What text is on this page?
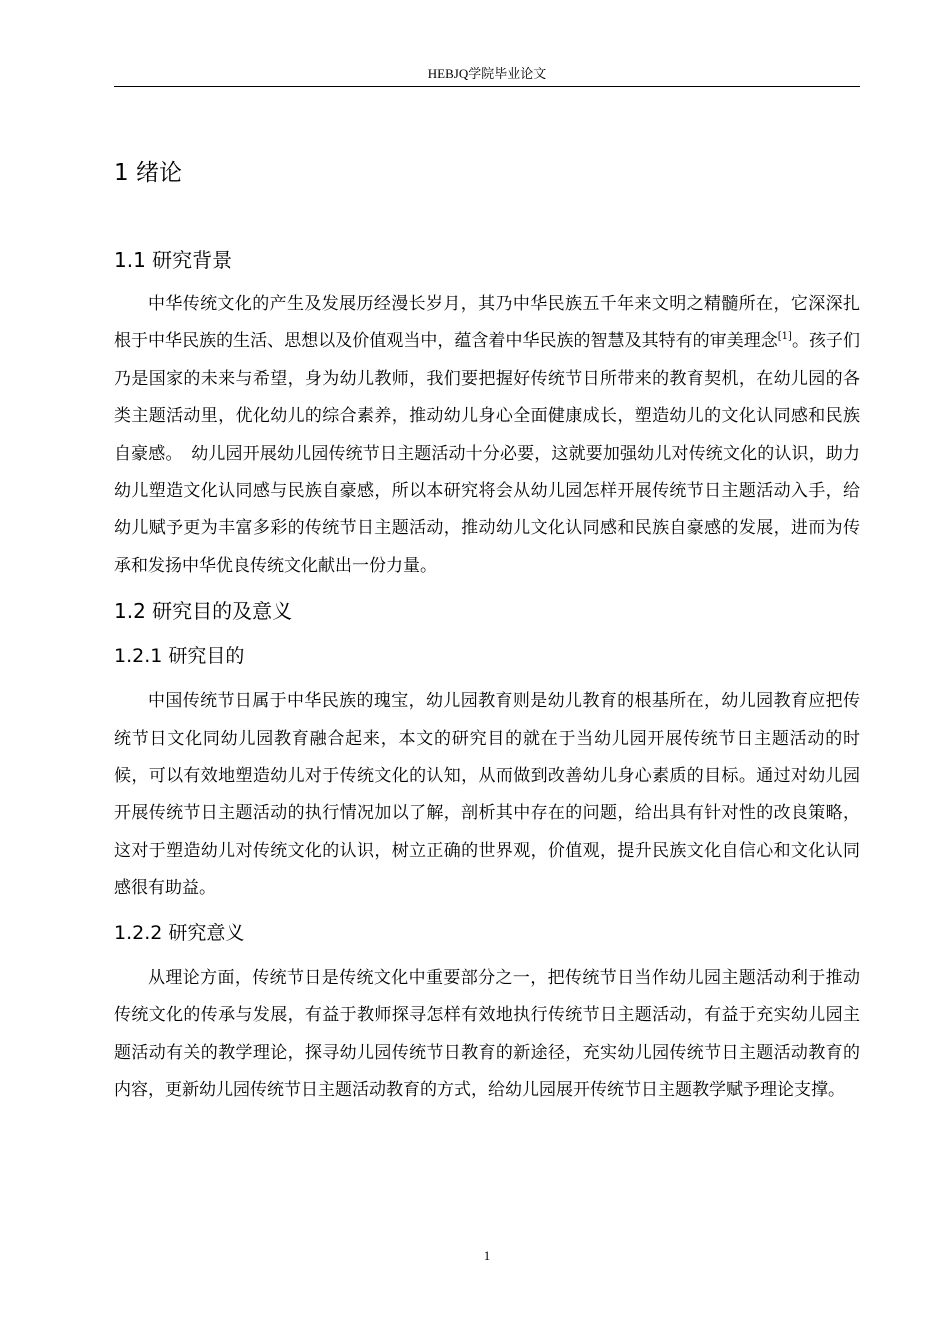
HEBJQ学院毕业论文
1 绪论
1.1 研究背景

中华传统文化的产生及发展历经漫长岁月，其乃中华民族五千年来文明之精髓所在，它深深扎根于中华民族的生活、思想以及价值观当中，蕴含着中华民族的智慧及其特有的审美理念[1]。孩子们乃是国家的未来与希望，身为幼儿教师，我们要把握好传统节日所带来的教育契机，在幼儿园的各类主题活动里，优化幼儿的综合素养，推动幼儿身心全面健康成长，塑造幼儿的文化认同感和民族自豪感。　幼儿园开展幼儿园传统节日主题活动十分必要，这就要加强幼儿对传统文化的认识，助力幼儿塑造文化认同感与民族自豪感，所以本研究将会从幼儿园怎样开展传统节日主题活动入手，给幼儿赋予更为丰富多彩的传统节日主题活动，推动幼儿文化认同感和民族自豪感的发展，进而为传承和发扬中华优良传统文化献出一份力量。

1.2 研究目的及意义
1.2.1 研究目的

中国传统节日属于中华民族的瑰宝，幼儿园教育则是幼儿教育的根基所在，幼儿园教育应把传统节日文化同幼儿园教育融合起来，本文的研究目的就在于当幼儿园开展传统节日主题活动的时候，可以有效地塑造幼儿对于传统文化的认知，从而做到改善幼儿身心素质的目标。通过对幼儿园开展传统节日主题活动的执行情况加以了解，剖析其中存在的问题，给出具有针对性的改良策略，这对于塑造幼儿对传统文化的认识，树立正确的世界观，价值观，提升民族文化自信心和文化认同感很有助益。

1.2.2 研究意义

从理论方面，传统节日是传统文化中重要部分之一，把传统节日当作幼儿园主题活动利于推动传统文化的传承与发展，有益于教师探寻怎样有效地执行传统节日主题活动，有益于充实幼儿园主题活动有关的教学理论，探寻幼儿园传统节日教育的新途径，充实幼儿园传统节日主题活动教育的内容，更新幼儿园传统节日主题活动教育的方式，给幼儿园展开传统节日主题教学赋予理论支撑。

1
